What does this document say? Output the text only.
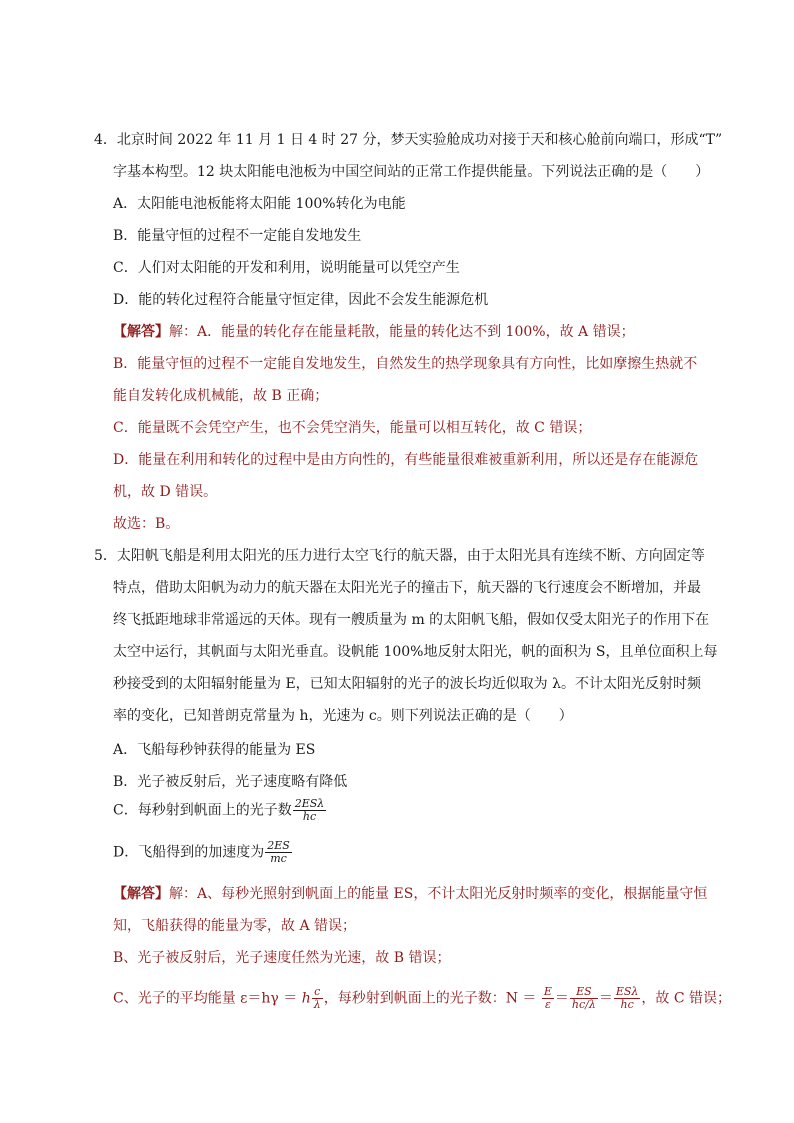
4．北京时间 2022 年 11 月 1 日 4 时 27 分，梦天实验舱成功对接于天和核心舱前向端口，形成“T”
字基本构型。12 块太阳能电池板为中国空间站的正常工作提供能量。下列说法正确的是（　　）
A．太阳能电池板能将太阳能 100%转化为电能
B．能量守恒的过程不一定能自发地发生
C．人们对太阳能的开发和利用，说明能量可以凭空产生
D．能的转化过程符合能量守恒定律，因此不会发生能源危机
【解答】解：A．能量的转化存在能量耗散，能量的转化达不到 100%，故 A 错误；
B．能量守恒的过程不一定能自发地发生，自然发生的热学现象具有方向性，比如摩擦生热就不
能自发转化成机械能，故 B 正确；
C．能量既不会凭空产生，也不会凭空消失，能量可以相互转化，故 C 错误；
D．能量在利用和转化的过程中是由方向性的，有些能量很难被重新利用，所以还是存在能源危
机，故 D 错误。
故选：B。
5．太阳帆飞船是利用太阳光的压力进行太空飞行的航天器，由于太阳光具有连续不断、方向固定等
特点，借助太阳帆为动力的航天器在太阳光光子的撞击下，航天器的飞行速度会不断增加，并最
终飞抵距地球非常遥远的天体。现有一艘质量为 m 的太阳帆飞船，假如仅受太阳光子的作用下在
太空中运行，其帆面与太阳光垂直。设帆能 100%地反射太阳光，帆的面积为 S，且单位面积上每
秒接受到的太阳辐射能量为 E，已知太阳辐射的光子的波长均近似取为 λ。不计太阳光反射时频
率的变化，已知普朗克常量为 h，光速为 c。则下列说法正确的是（　　）
A．飞船每秒钟获得的能量为 ES
B．光子被反射后，光子速度略有降低
C．每秒射到帆面上的光子数 $\frac{\text{2ESλ}}{hc}$
D．飞船得到的加速度为 $\frac{2ES}{mc}$
【解答】解：A、每秒光照射到帆面上的能量 ES，不计太阳光反射时频率的变化，根据能量守恒
知，飞船获得的能量为零，故 A 错误；
B、光子被反射后，光子速度任然为光速，故 B 错误；
C、光子的平均能量 ε＝hγ ＝ h $\frac{c}{\lambda}$ ，每秒射到帆面上的光子数：$N = \frac{E}{\varepsilon} = \frac{ES}{hc/\lambda} = \frac{\text{ESλ}}{hc}$ ，故 C 错误；
